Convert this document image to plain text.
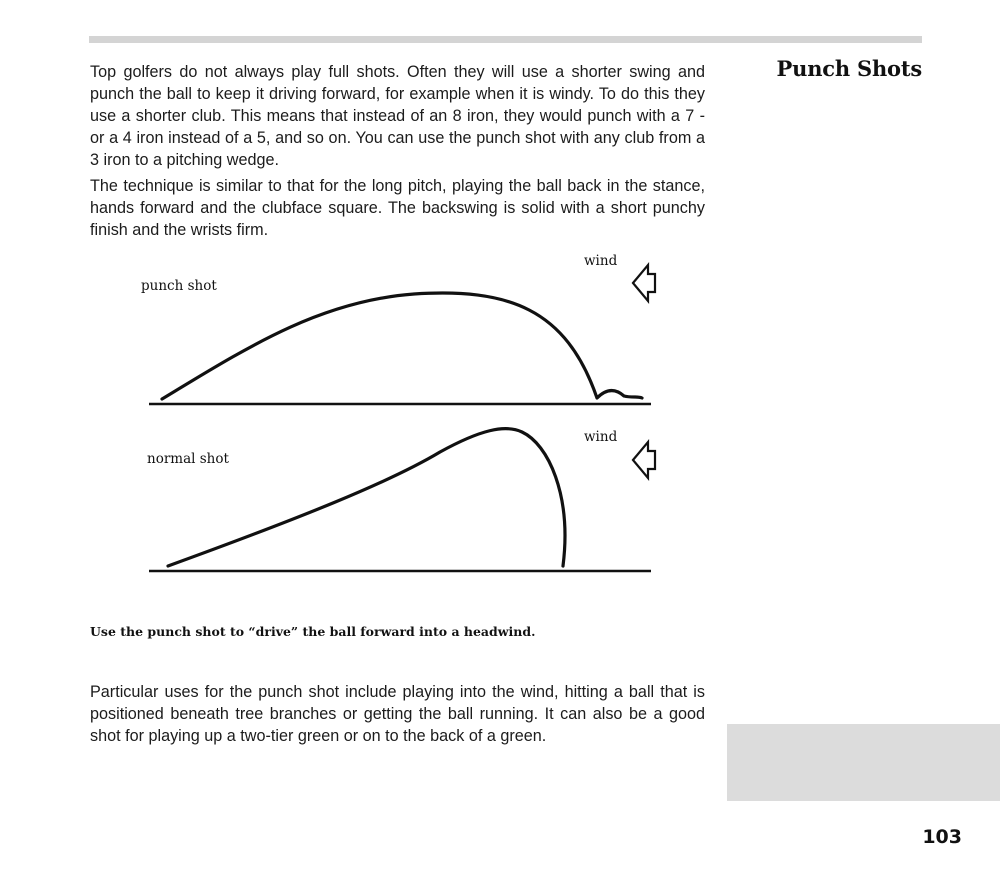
Punch Shots

Top golfers do not always play full shots. Often they will use a shorter swing and punch the ball to keep it driving forward, for example when it is windy. To do this they use a shorter club. This means that instead of an 8 iron, they would punch with a 7 - or a 4 iron instead of a 5, and so on. You can use the punch shot with any club from a 3 iron to a pitching wedge.

The technique is similar to that for the long pitch, playing the ball back in the stance, hands forward and the clubface square. The backswing is solid with a short punchy finish and the wrists firm.

punch shot
wind
normal shot
wind
Use the punch shot to “drive” the ball forward into a headwind.

Particular uses for the punch shot include playing into the wind, hitting a ball that is positioned beneath tree branches or getting the ball running. It can also be a good shot for playing up a two-tier green or on to the back of a green.

103
